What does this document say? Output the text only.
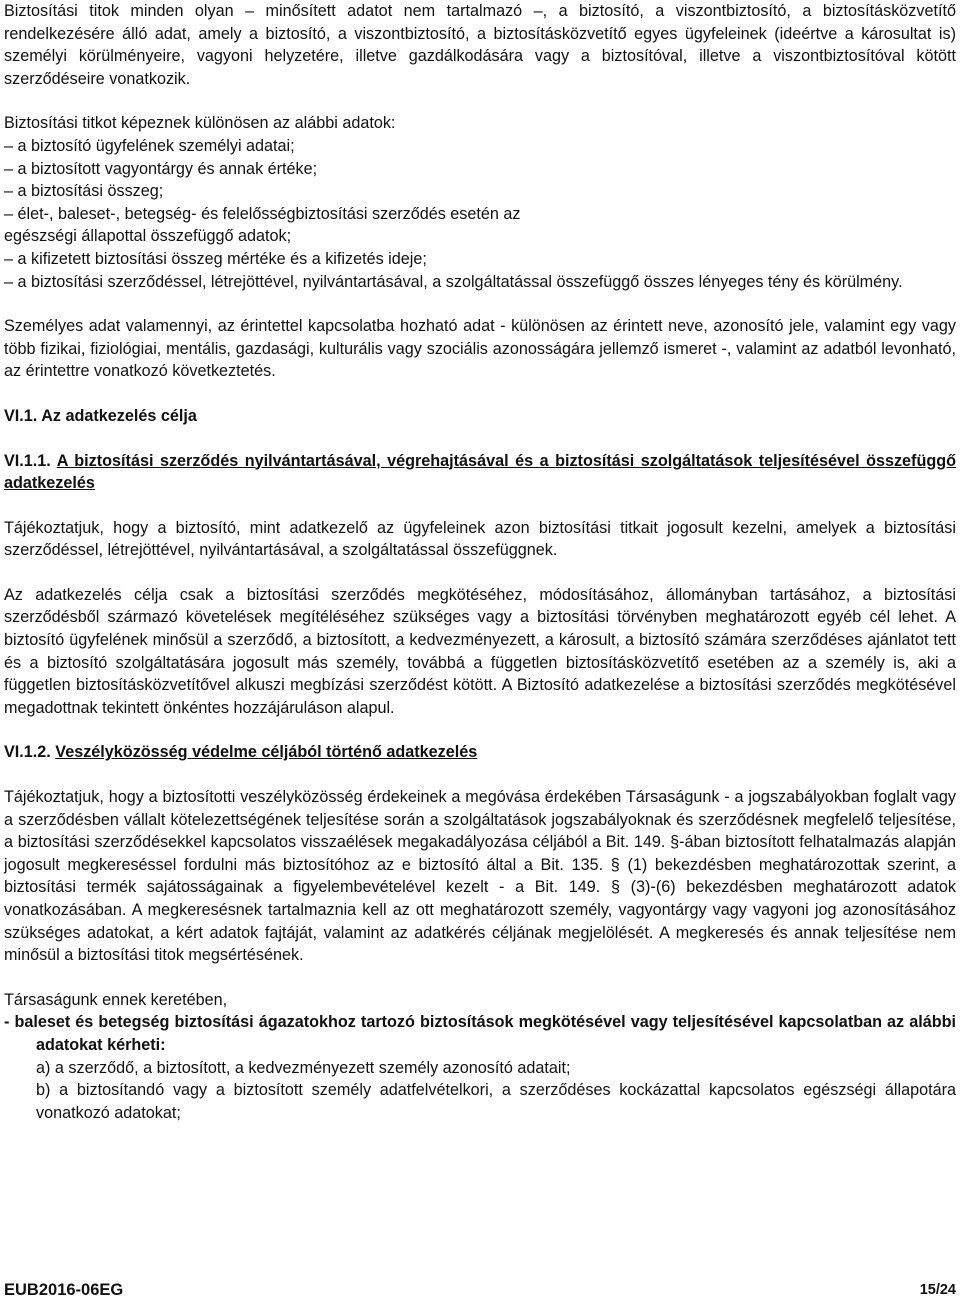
Biztosítási titok minden olyan – minősített adatot nem tartalmazó –, a biztosító, a viszontbiztosító, a biztosításközvetítő rendelkezésére álló adat, amely a biztosító, a viszontbiztosító, a biztosításközvetítő egyes ügyfeleinek (ideértve a károsultat is) személyi körülményeire, vagyoni helyzetére, illetve gazdálkodására vagy a biztosítóval, illetve a viszontbiztosítóval kötött szerződéseire vonatkozik.

Biztosítási titkot képeznek különösen az alábbi adatok:

– a biztosító ügyfelének személyi adatai;
– a biztosított vagyontárgy és annak értéke;
– a biztosítási összeg;
– élet-, baleset-, betegség- és felelősségbiztosítási szerződés esetén az egészségi állapottal összefüggő adatok;
– a kifizetett biztosítási összeg mértéke és a kifizetés ideje;
– a biztosítási szerződéssel, létrejöttével, nyilvántartásával, a szolgáltatással összefüggő összes lényeges tény és körülmény.

Személyes adat valamennyi, az érintettel kapcsolatba hozható adat - különösen az érintett neve, azonosító jele, valamint egy vagy több fizikai, fiziológiai, mentális, gazdasági, kulturális vagy szociális azonosságára jellemző ismeret -, valamint az adatból levonható, az érintettre vonatkozó következtetés.

VI.1. Az adatkezelés célja

VI.1.1. A biztosítási szerződés nyilvántartásával, végrehajtásával és a biztosítási szolgáltatások teljesítésével összefüggő adatkezelés

Tájékoztatjuk, hogy a biztosító, mint adatkezelő az ügyfeleinek azon biztosítási titkait jogosult kezelni, amelyek a biztosítási szerződéssel, létrejöttével, nyilvántartásával, a szolgáltatással összefüggnek.

Az adatkezelés célja csak a biztosítási szerződés megkötéséhez, módosításához, állományban tartásához, a biztosítási szerződésből származó követelések megítéléséhez szükséges vagy a biztosítási törvényben meghatározott egyéb cél lehet. A biztosító ügyfelének minősül a szerződő, a biztosított, a kedvezményezett, a károsult, a biztosító számára szerződéses ajánlatot tett és a biztosító szolgáltatására jogosult más személy, továbbá a független biztosításközvetítő esetében az a személy is, aki a független biztosításközvetítővel alkuszi megbízási szerződést kötött. A Biztosító adatkezelése a biztosítási szerződés megkötésével megadottnak tekintett önkéntes hozzájáruláson alapul.

VI.1.2. Veszélyközösség védelme céljából történő adatkezelés

Tájékoztatjuk, hogy a biztosítotti veszélyközösség érdekeinek a megóvása érdekében Társaságunk - a jogszabályokban foglalt vagy a szerződésben vállalt kötelezettségének teljesítése során a szolgáltatások jogszabályoknak és szerződésnek megfelelő teljesítése, a biztosítási szerződésekkel kapcsolatos visszaélések megakadályozása céljából a Bit. 149. §-ában biztosított felhatalmazás alapján jogosult megkereséssel fordulni más biztosítóhoz az e biztosító által a Bit. 135. § (1) bekezdésben meghatározottak szerint, a biztosítási termék sajátosságainak a figyelembevételével kezelt - a Bit. 149. § (3)-(6) bekezdésben meghatározott adatok vonatkozásában. A megkeresésnek tartalmaznia kell az ott meghatározott személy, vagyontárgy vagy vagyoni jog azonosításához szükséges adatokat, a kért adatok fajtáját, valamint az adatkérés céljának megjelölését. A megkeresés és annak teljesítése nem minősül a biztosítási titok megsértésének.

Társaságunk ennek keretében,

- baleset és betegség biztosítási ágazatokhoz tartozó biztosítások megkötésével vagy teljesítésével kapcsolatban az alábbi adatokat kérheti:

a) a szerződő, a biztosított, a kedvezményezett személy azonosító adatait;
b) a biztosítandó vagy a biztosított személy adatfelvételkori, a szerződéses kockázattal kapcsolatos egészségi állapotára vonatkozó adatokat;
EUB2016-06EG	15/24
